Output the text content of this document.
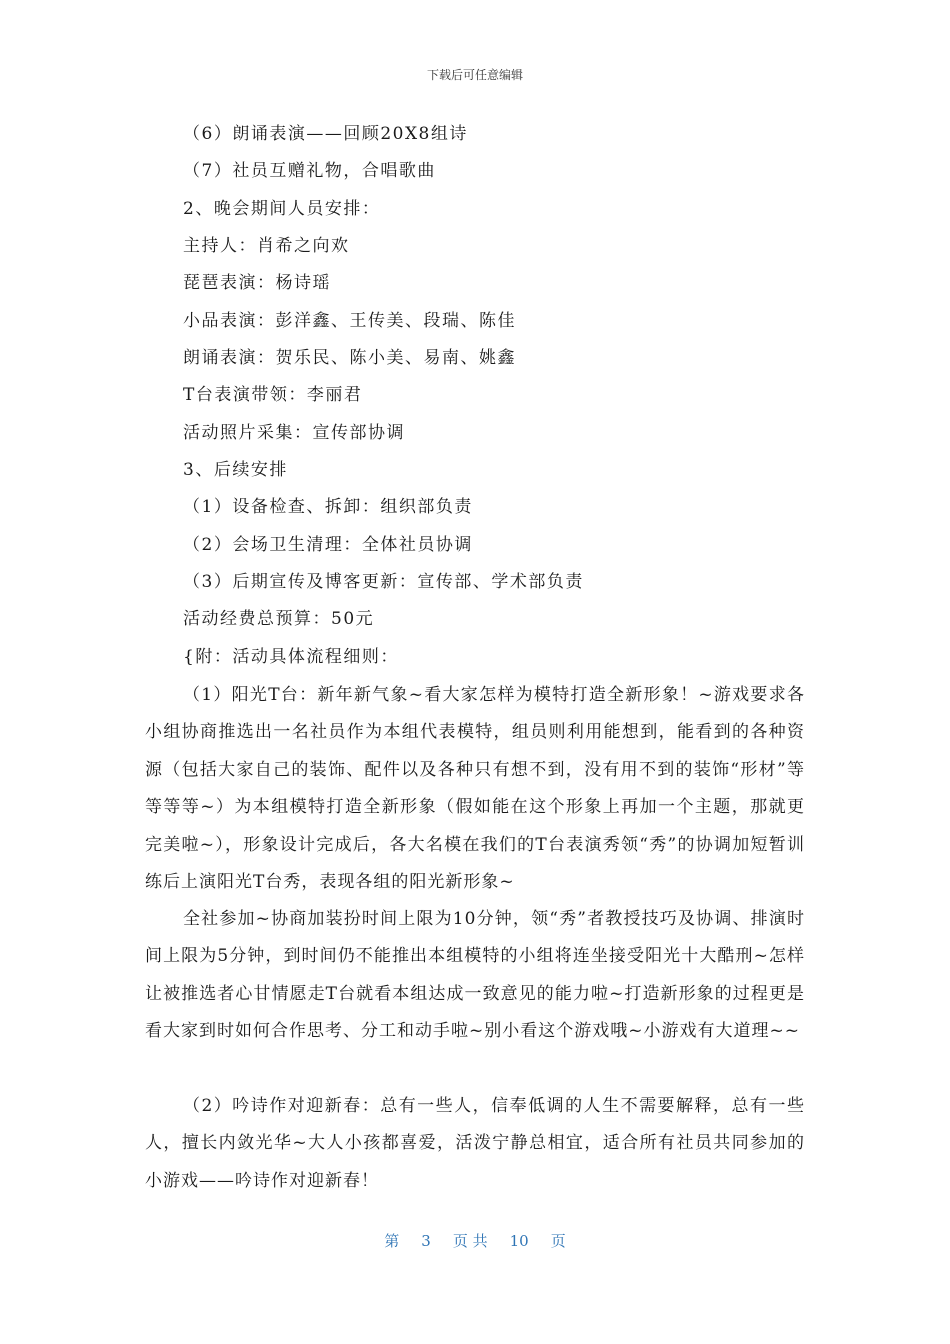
下载后可任意编辑
（6）朗诵表演——回顾20X8组诗
（7）社员互赠礼物，合唱歌曲
2、晚会期间人员安排：
主持人：肖希之向欢
琵琶表演：杨诗瑶
小品表演：彭洋鑫、王传美、段瑞、陈佳
朗诵表演：贺乐民、陈小美、易南、姚鑫
T台表演带领：李丽君
活动照片采集：宣传部协调
3、后续安排
（1）设备检查、拆卸：组织部负责
（2）会场卫生清理：全体社员协调
（3）后期宣传及博客更新：宣传部、学术部负责
活动经费总预算：50元
{附：活动具体流程细则：
（1）阳光T台：新年新气象~看大家怎样为模特打造全新形象！~游戏要求各小组协商推选出一名社员作为本组代表模特，组员则利用能想到，能看到的各种资源（包括大家自己的装饰、配件以及各种只有想不到，没有用不到的装饰“形材”等等等等~）为本组模特打造全新形象（假如能在这个形象上再加一个主题，那就更完美啦~），形象设计完成后，各大名模在我们的T台表演秀领“秀”的协调加短暂训练后上演阳光T台秀，表现各组的阳光新形象~
全社参加~协商加装扮时间上限为10分钟，领“秀”者教授技巧及协调、排演时间上限为5分钟，到时间仍不能推出本组模特的小组将连坐接受阳光十大酷刑~怎样让被推选者心甘情愿走T台就看本组达成一致意见的能力啦~打造新形象的过程更是看大家到时如何合作思考、分工和动手啦~别小看这个游戏哦~小游戏有大道理~~
（2）吟诗作对迎新春：总有一些人，信奉低调的人生不需要解释，总有一些人，擅长内敛光华~大人小孩都喜爱，活泼宁静总相宜，适合所有社员共同参加的小游戏——吟诗作对迎新春！
第 3 页 共 10 页
